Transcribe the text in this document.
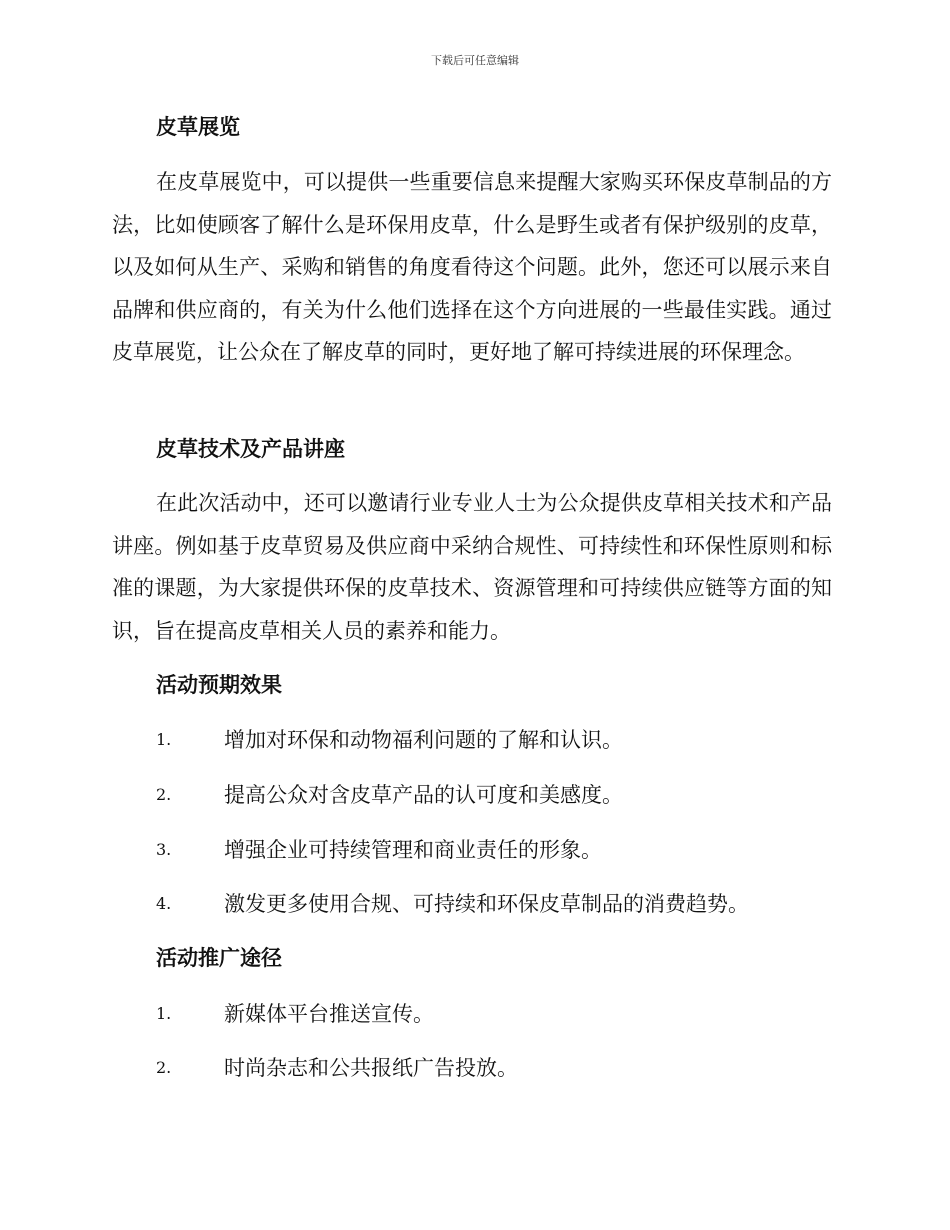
下载后可任意编辑
皮草展览

在皮草展览中，可以提供一些重要信息来提醒大家购买环保皮草制品的方法，比如使顾客了解什么是环保用皮草，什么是野生或者有保护级别的皮草，以及如何从生产、采购和销售的角度看待这个问题。此外，您还可以展示来自品牌和供应商的，有关为什么他们选择在这个方向进展的一些最佳实践。通过皮草展览，让公众在了解皮草的同时，更好地了解可持续进展的环保理念。

皮草技术及产品讲座

在此次活动中，还可以邀请行业专业人士为公众提供皮草相关技术和产品讲座。例如基于皮草贸易及供应商中采纳合规性、可持续性和环保性原则和标准的课题，为大家提供环保的皮草技术、资源管理和可持续供应链等方面的知识，旨在提高皮草相关人员的素养和能力。

活动预期效果
1.	增加对环保和动物福利问题的了解和认识。
2.	提高公众对含皮草产品的认可度和美感度。
3.	增强企业可持续管理和商业责任的形象。
4.	激发更多使用合规、可持续和环保皮草制品的消费趋势。
活动推广途径
1.	新媒体平台推送宣传。
2.	时尚杂志和公共报纸广告投放。
